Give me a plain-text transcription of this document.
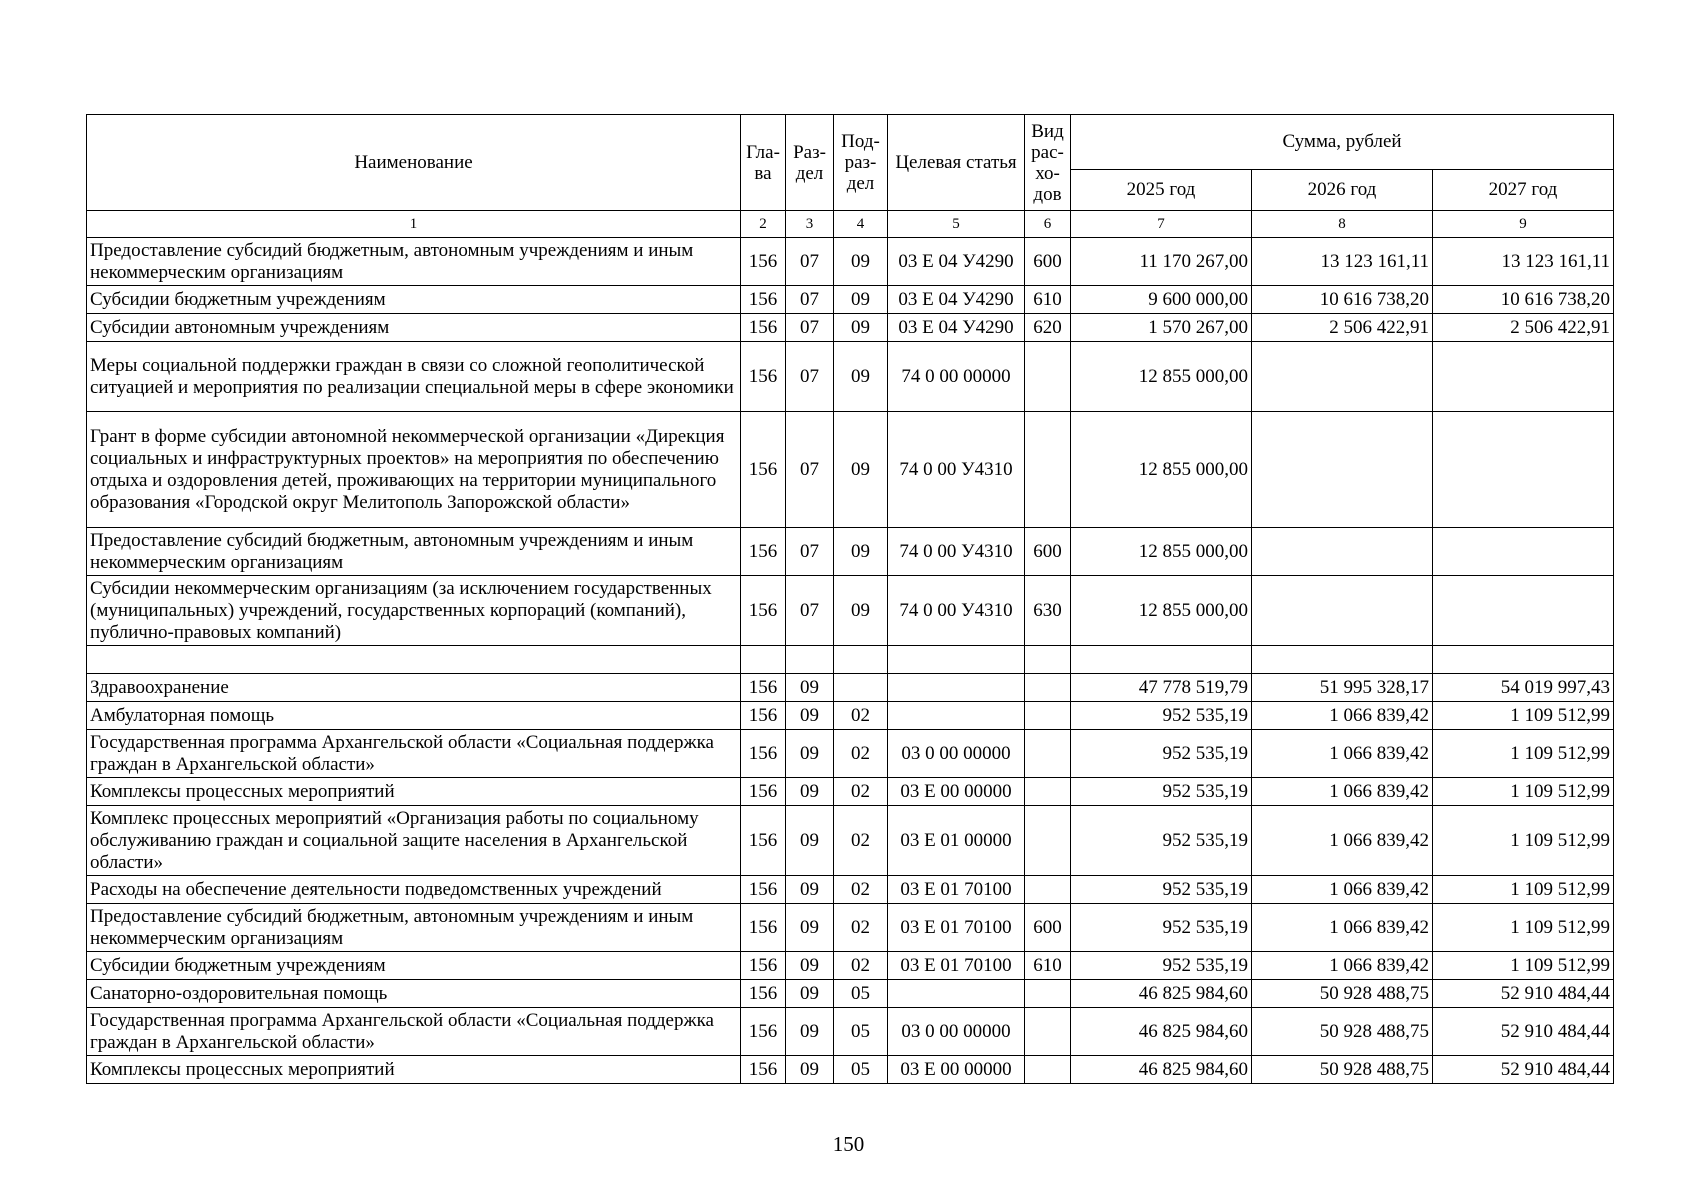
Наименование	Гла-ва	Раз-дел	Под-раз-дел	Целевая статья	Вид рас-хо-дов	Сумма, рублей		
						2025 год	2026 год	2027 год
1	2	3	4	5	6	7	8	9
Предоставление субсидий бюджетным, автономным учреждениям и иным некоммерческим организациям	156	07	09	03 Е 04 У4290	600	11 170 267,00	13 123 161,11	13 123 161,11
Субсидии бюджетным учреждениям	156	07	09	03 Е 04 У4290	610	9 600 000,00	10 616 738,20	10 616 738,20
Субсидии автономным учреждениям	156	07	09	03 Е 04 У4290	620	1 570 267,00	2 506 422,91	2 506 422,91
Меры социальной поддержки граждан в связи со сложной геополитической ситуацией и мероприятия по реализации специальной меры в сфере экономики	156	07	09	74 0 00 00000		12 855 000,00		
Грант в форме субсидии автономной некоммерческой организации «Дирекция социальных и инфраструктурных проектов» на мероприятия по обеспечению отдыха и оздоровления детей, проживающих на территории муниципального образования «Городской округ Мелитополь Запорожской области»	156	07	09	74 0 00 У4310		12 855 000,00		
Предоставление субсидий бюджетным, автономным учреждениям и иным некоммерческим организациям	156	07	09	74 0 00 У4310	600	12 855 000,00		
Субсидии некоммерческим организациям (за исключением государственных (муниципальных) учреждений, государственных корпораций (компаний), публично-правовых компаний)	156	07	09	74 0 00 У4310	630	12 855 000,00		

Здравоохранение	156	09				47 778 519,79	51 995 328,17	54 019 997,43
Амбулаторная помощь	156	09	02			952 535,19	1 066 839,42	1 109 512,99
Государственная программа Архангельской области «Социальная поддержка граждан в Архангельской области»	156	09	02	03 0 00 00000		952 535,19	1 066 839,42	1 109 512,99
Комплексы процессных мероприятий	156	09	02	03 Е 00 00000		952 535,19	1 066 839,42	1 109 512,99
Комплекс процессных мероприятий «Организация работы по социальному обслуживанию граждан и социальной защите населения в Архангельской области»	156	09	02	03 Е 01 00000		952 535,19	1 066 839,42	1 109 512,99
Расходы на обеспечение деятельности подведомственных учреждений	156	09	02	03 Е 01 70100		952 535,19	1 066 839,42	1 109 512,99
Предоставление субсидий бюджетным, автономным учреждениям и иным некоммерческим организациям	156	09	02	03 Е 01 70100	600	952 535,19	1 066 839,42	1 109 512,99
Субсидии бюджетным учреждениям	156	09	02	03 Е 01 70100	610	952 535,19	1 066 839,42	1 109 512,99
Санаторно-оздоровительная помощь	156	09	05			46 825 984,60	50 928 488,75	52 910 484,44
Государственная программа Архангельской области «Социальная поддержка граждан в Архангельской области»	156	09	05	03 0 00 00000		46 825 984,60	50 928 488,75	52 910 484,44
Комплексы процессных мероприятий	156	09	05	03 Е 00 00000		46 825 984,60	50 928 488,75	52 910 484,44
150
